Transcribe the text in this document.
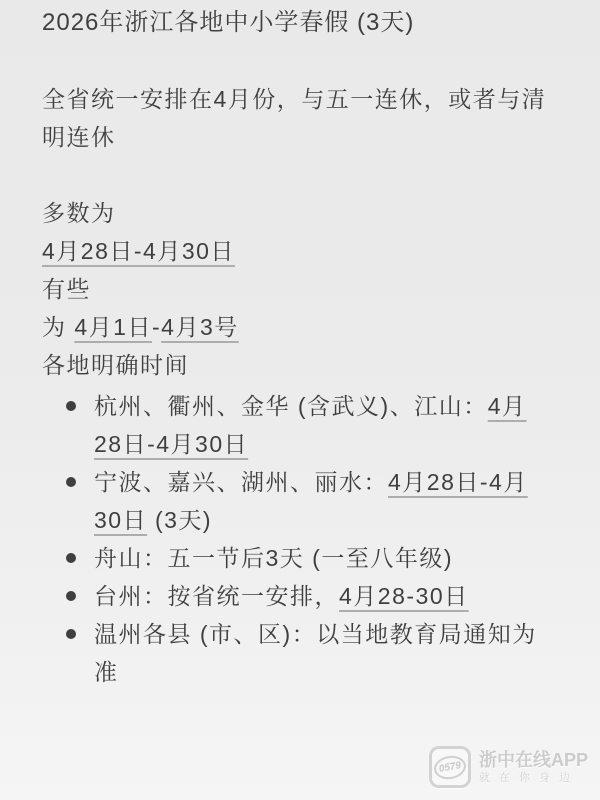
2026年浙江各地中小学春假 (3天)
全省统一安排在4月份，与五一连休，或者与清明连休
多数为
4月28日-4月30日
有些
为 4月1日-4月3号
各地明确时间
杭州、衢州、金华 (含武义)、江山：4月28日-4月30日
宁波、嘉兴、湖州、丽水：4月28日-4月30日 (3天)
舟山：五一节后3天 (一至八年级)
台州：按省统一安排，4月28-30日
温州各县 (市、区)：以当地教育局通知为准
0579 浙中在线APP
就在你身边
